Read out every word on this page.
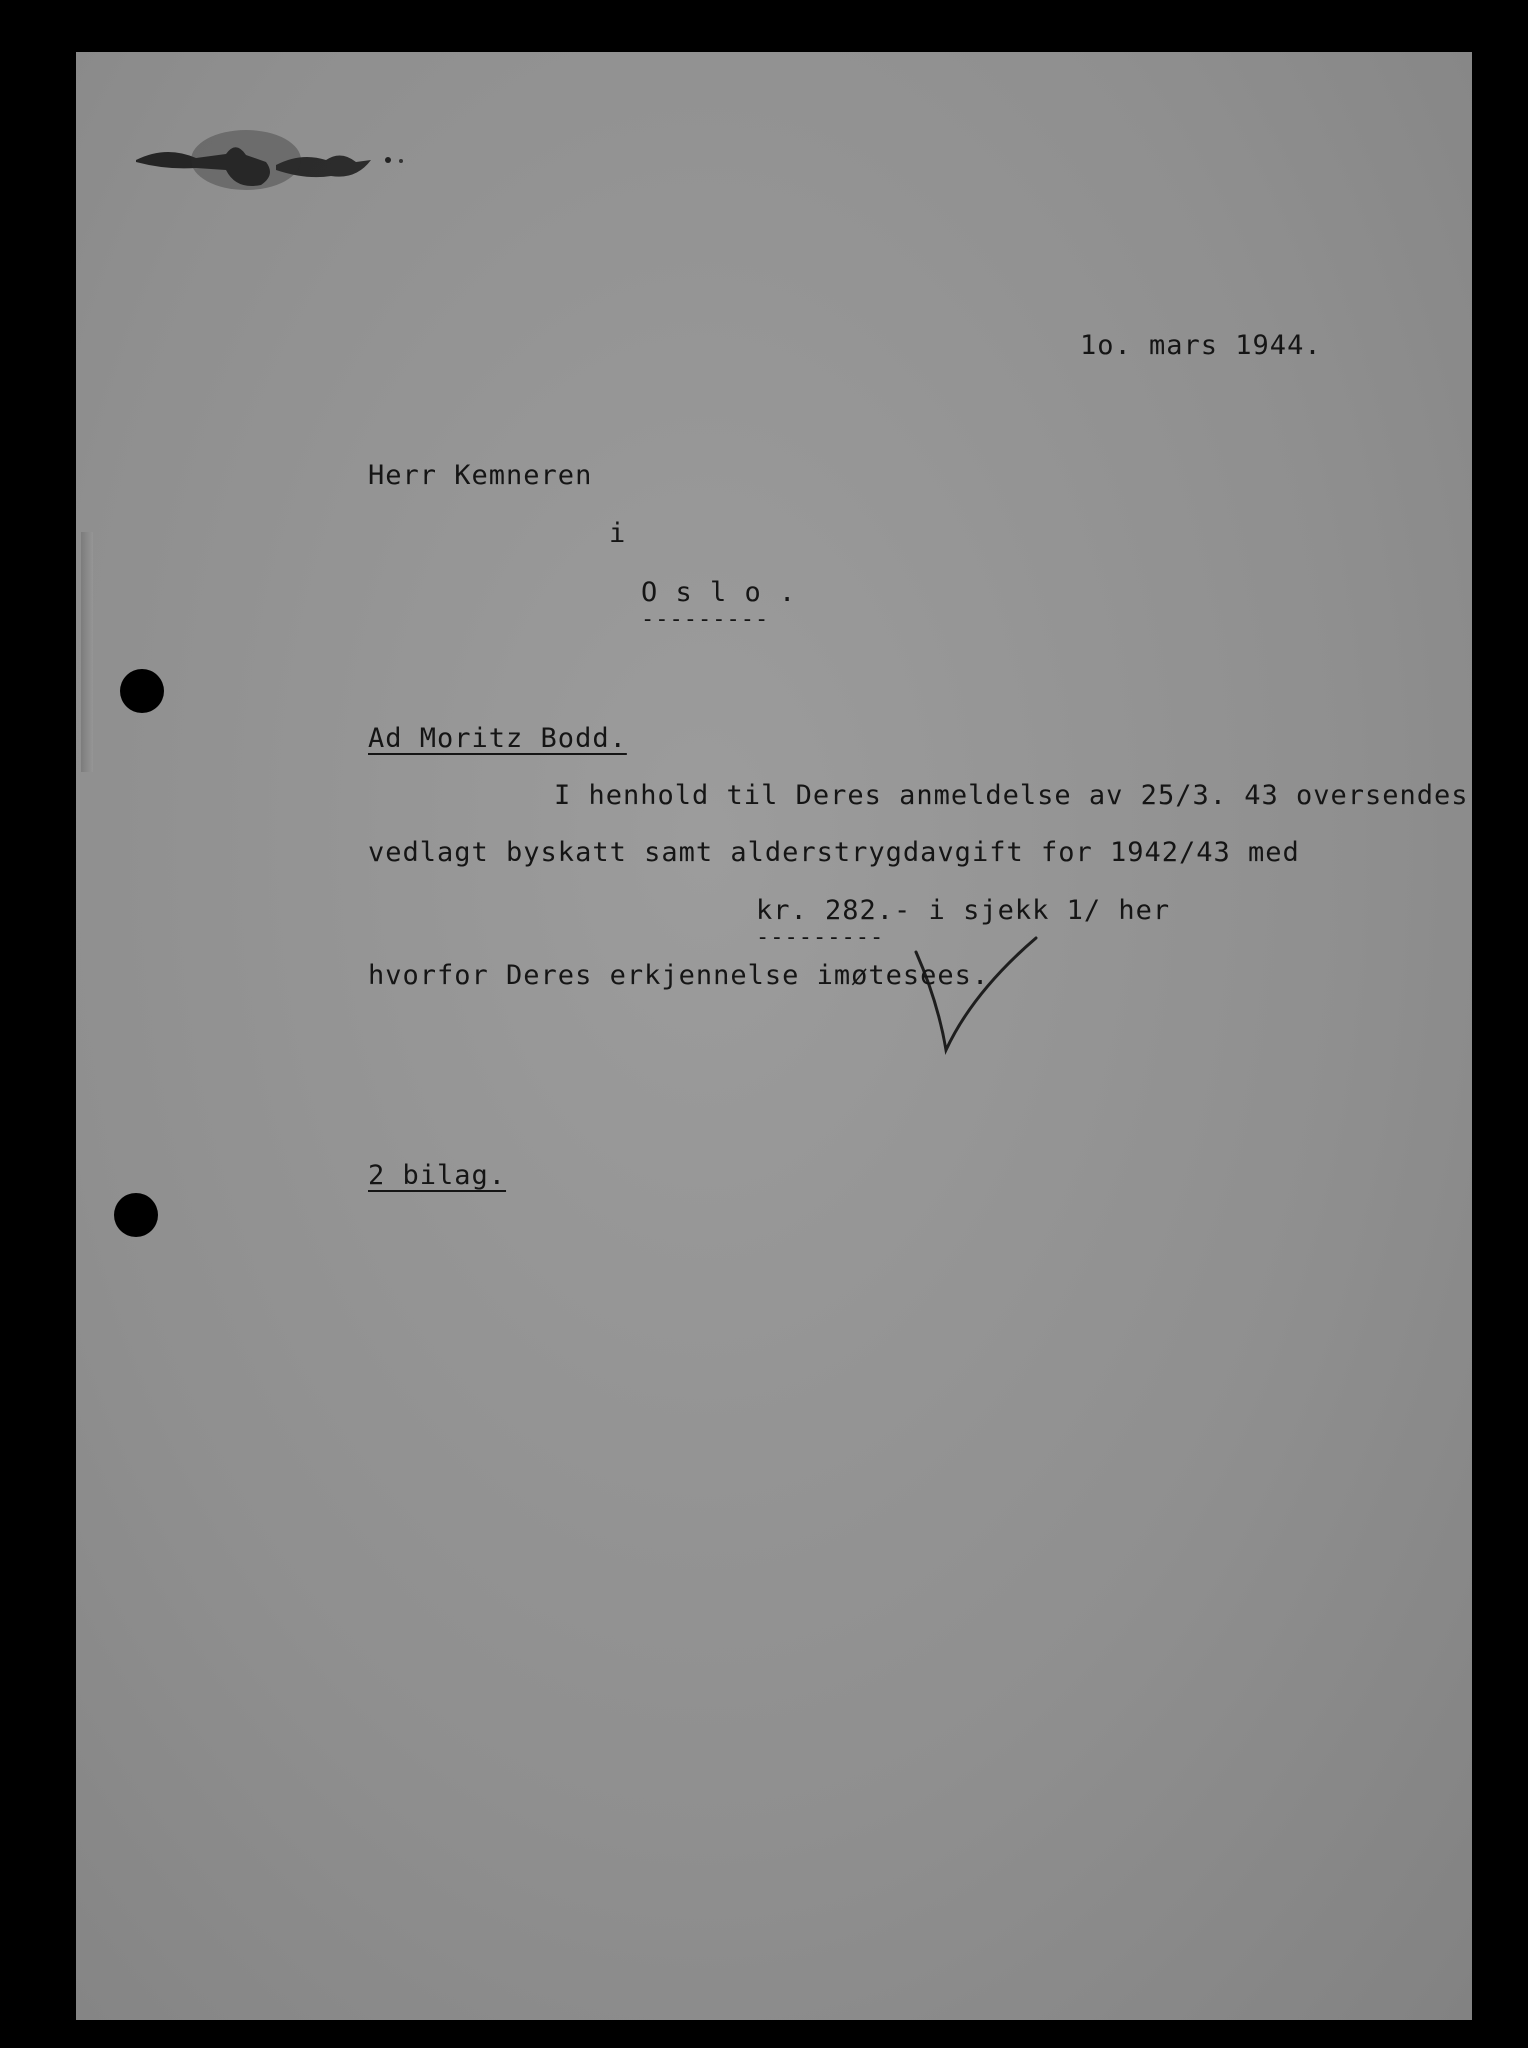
1o. mars 1944.
Herr Kemneren
i
O s l o .
---------
Ad Moritz Bodd.
I henhold til Deres anmeldelse av 25/3. 43 oversendes
vedlagt byskatt samt alderstrygdavgift for 1942/43 med
kr. 282.- i sjekk 1/ her
---------
hvorfor Deres erkjennelse imøtesees.
2 bilag.
